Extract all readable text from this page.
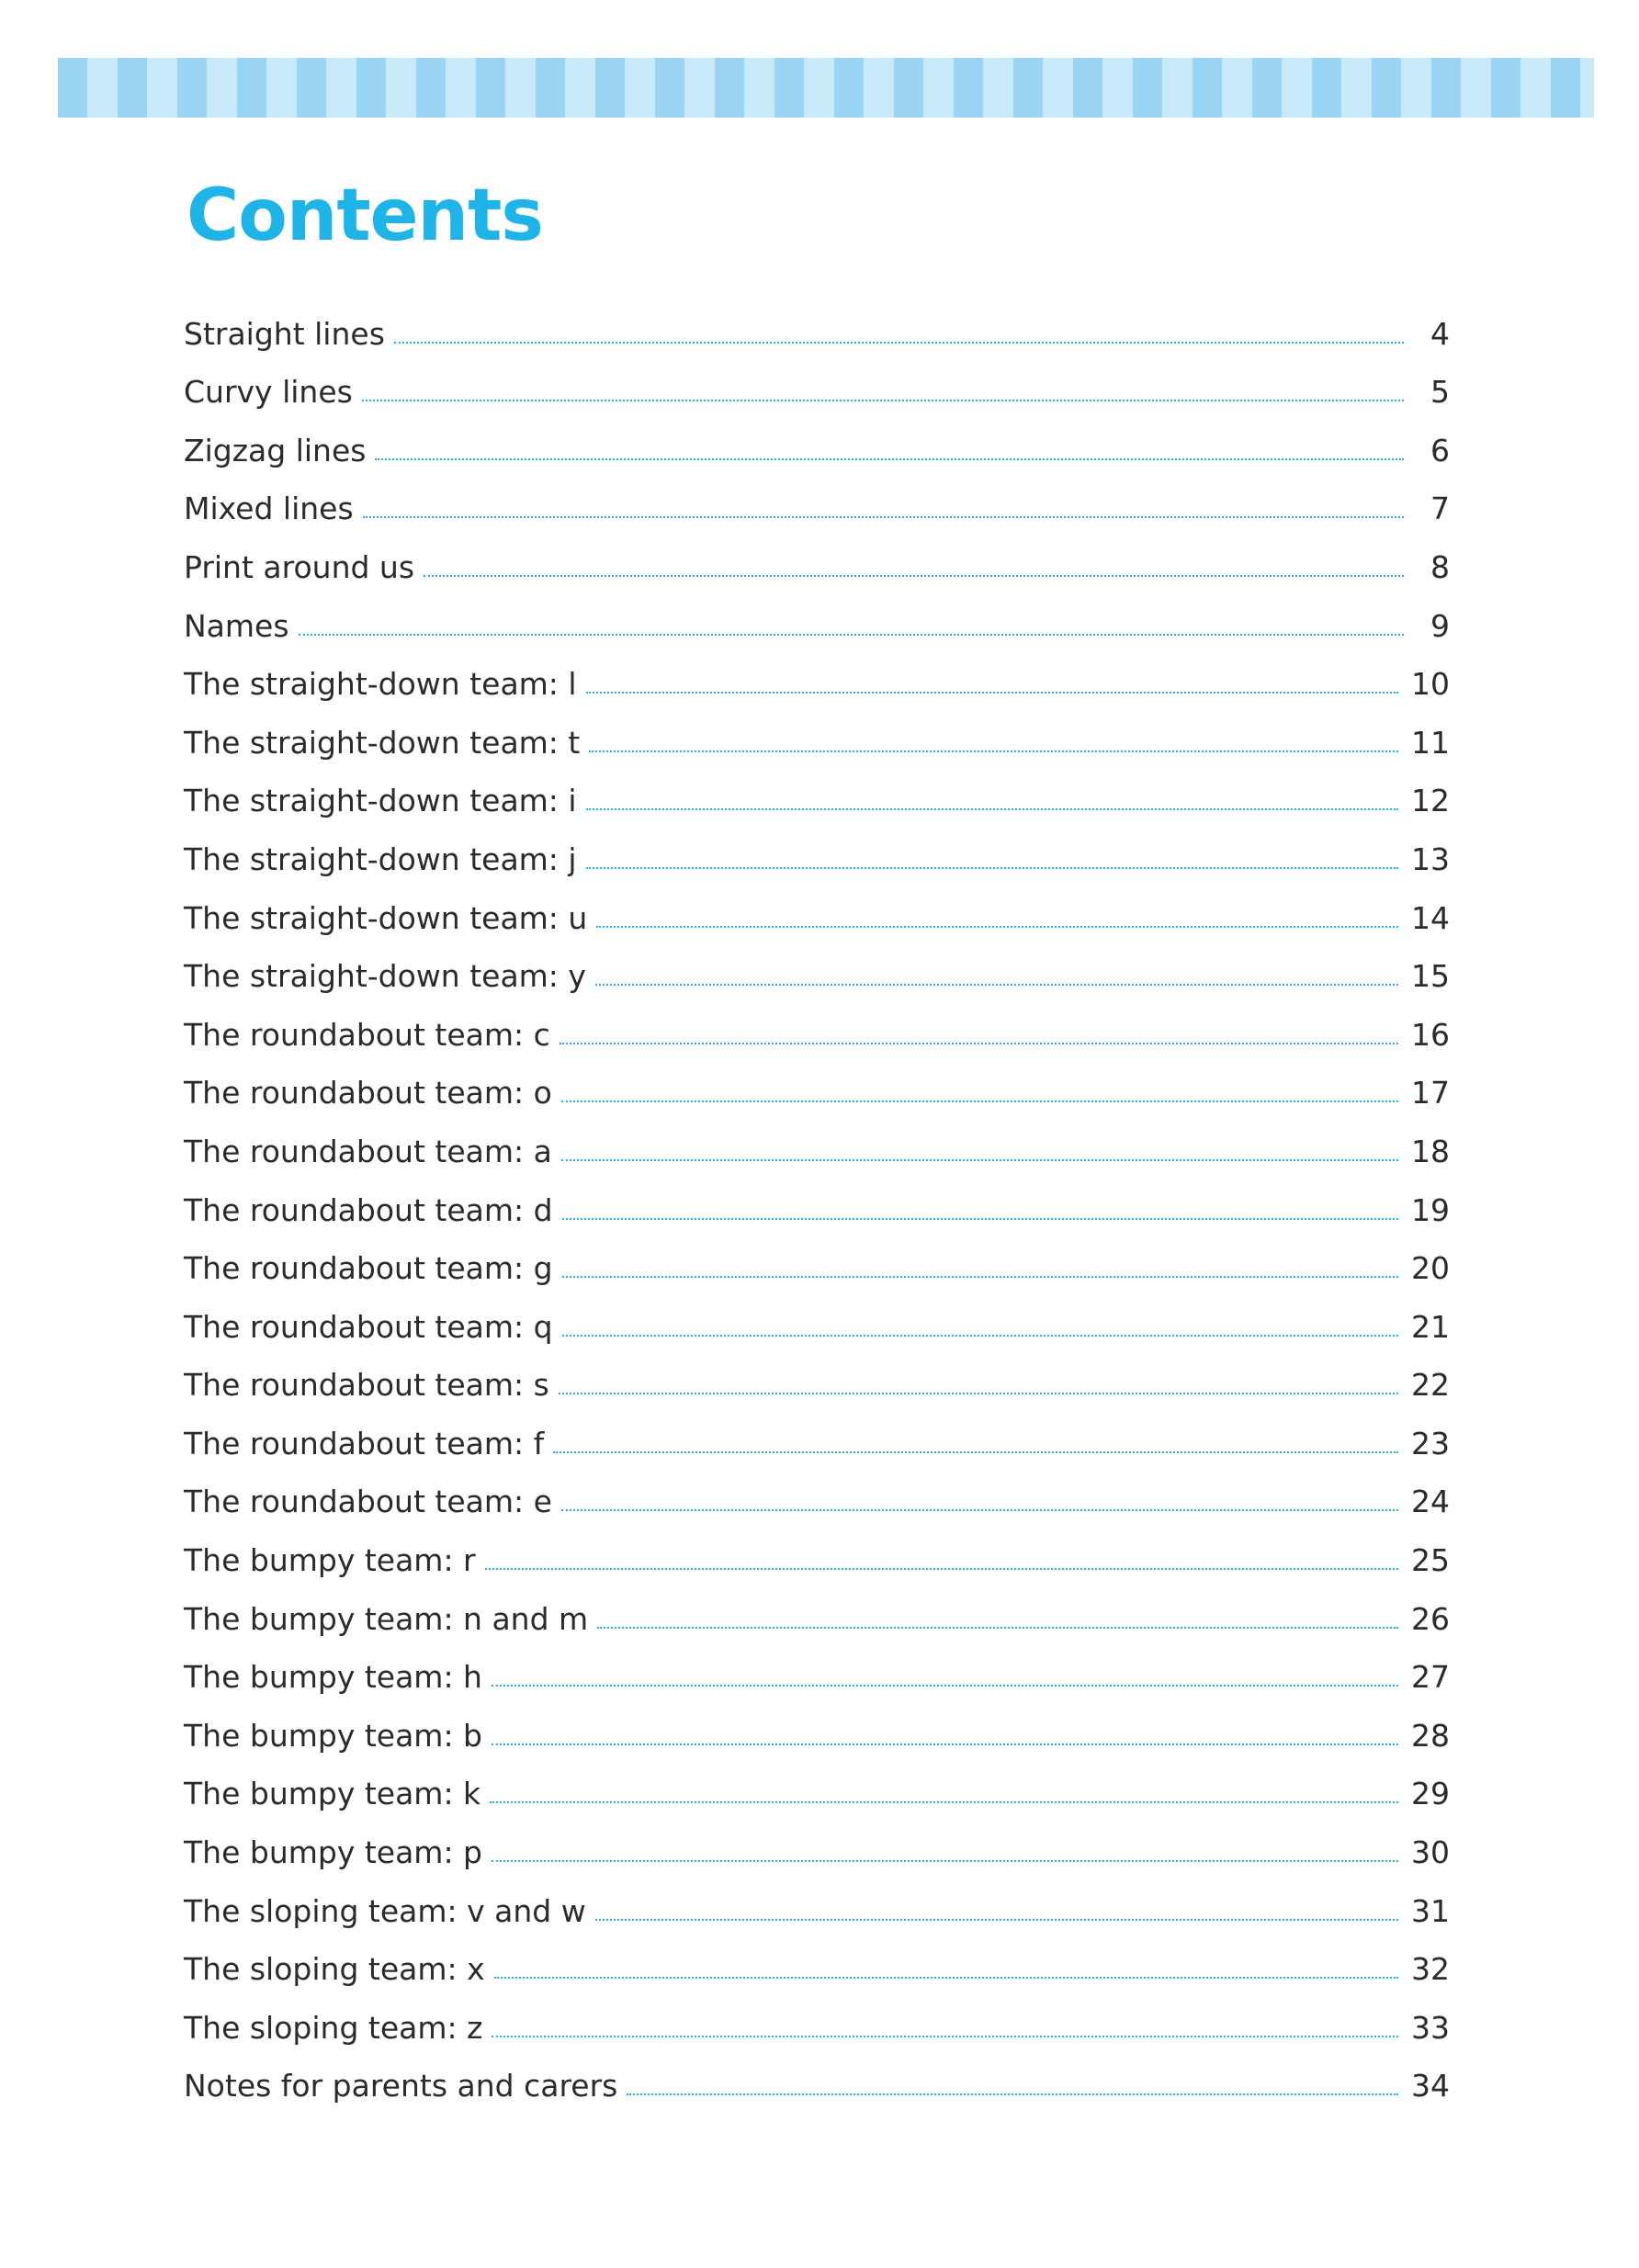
Contents
Straight lines	4
Curvy lines	5
Zigzag lines	6
Mixed lines	7
Print around us	8
Names	9
The straight-down team: l	10
The straight-down team: t	11
The straight-down team: i	12
The straight-down team: j	13
The straight-down team: u	14
The straight-down team: y	15
The roundabout team: c	16
The roundabout team: o	17
The roundabout team: a	18
The roundabout team: d	19
The roundabout team: g	20
The roundabout team: q	21
The roundabout team: s	22
The roundabout team: f	23
The roundabout team: e	24
The bumpy team: r	25
The bumpy team: n and m	26
The bumpy team: h	27
The bumpy team: b	28
The bumpy team: k	29
The bumpy team: p	30
The sloping team: v and w	31
The sloping team: x	32
The sloping team: z	33
Notes for parents and carers	34
